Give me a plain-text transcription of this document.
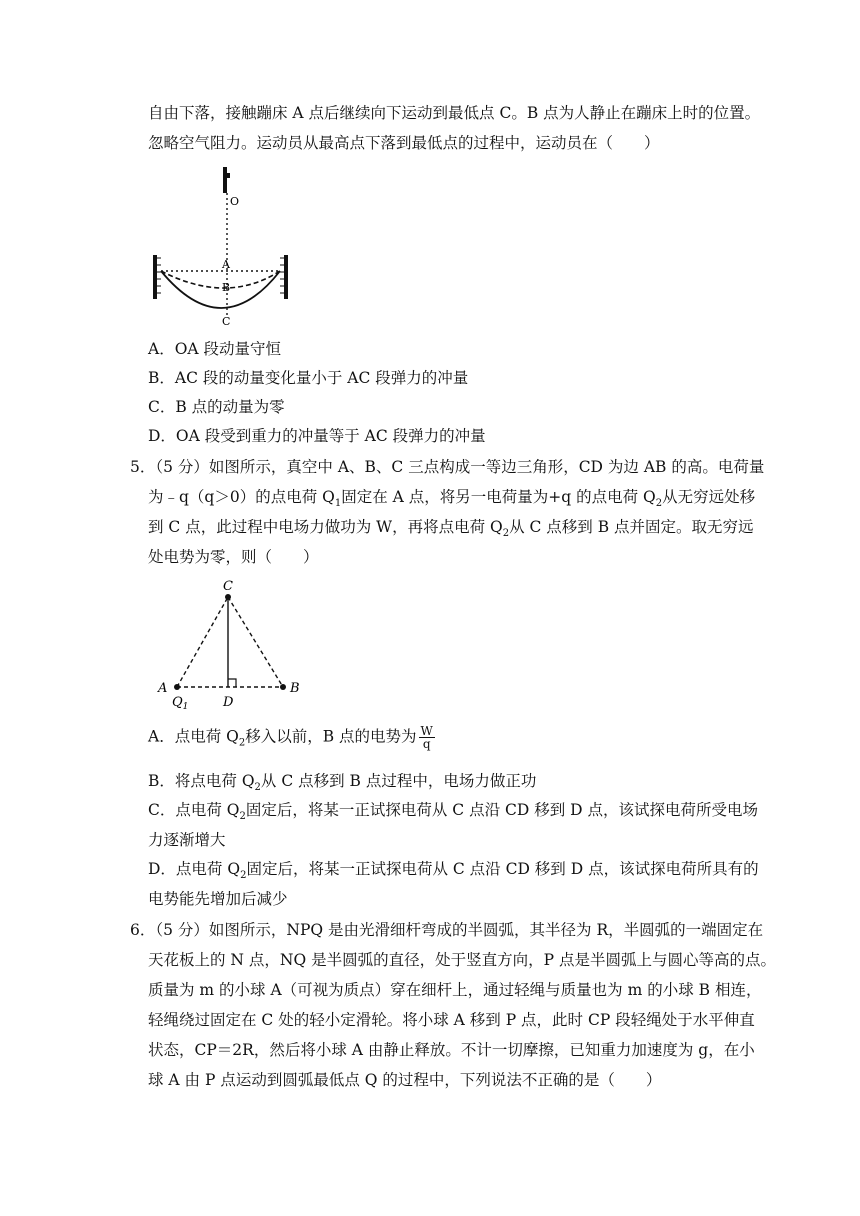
自由下落，接触蹦床 A 点后继续向下运动到最低点 C。B 点为人静止在蹦床上时的位置。
忽略空气阻力。运动员从最高点下落到最低点的过程中，运动员在（　　）
O
A
B
C
A．OA 段动量守恒
B．AC 段的动量变化量小于 AC 段弹力的冲量
C．B 点的动量为零
D．OA 段受到重力的冲量等于 AC 段弹力的冲量
5．（5 分）如图所示，真空中 A、B、C 三点构成一等边三角形，CD 为边 AB 的高。电荷量
为﹣q（q＞0）的点电荷 $Q_1$固定在 A 点，将另一电荷量为+q 的点电荷 $Q_2$从无穷远处移
到 C 点，此过程中电场力做功为 W，再将点电荷 $Q_2$从 C 点移到 B 点并固定。取无穷远
处电势为零，则（　　）
C
A	B
D
$Q_1$
A．点电荷 $Q_2$移入以前，B 点的电势为 $\frac{W}{q}$
B．将点电荷 $Q_2$从 C 点移到 B 点过程中，电场力做正功
C．点电荷 $Q_2$固定后，将某一正试探电荷从 C 点沿 CD 移到 D 点，该试探电荷所受电场
力逐渐增大
D．点电荷 $Q_2$固定后，将某一正试探电荷从 C 点沿 CD 移到 D 点，该试探电荷所具有的
电势能先增加后减少
6．（5 分）如图所示，NPQ 是由光滑细杆弯成的半圆弧，其半径为 R，半圆弧的一端固定在
天花板上的 N 点，NQ 是半圆弧的直径，处于竖直方向，P 点是半圆弧上与圆心等高的点。
质量为 m 的小球 A（可视为质点）穿在细杆上，通过轻绳与质量也为 m 的小球 B 相连，
轻绳绕过固定在 C 处的轻小定滑轮。将小球 A 移到 P 点，此时 CP 段轻绳处于水平伸直
状态，CP＝2R，然后将小球 A 由静止释放。不计一切摩擦，已知重力加速度为 g，在小
球 A 由 P 点运动到圆弧最低点 Q 的过程中，下列说法不正确的是（　　）
